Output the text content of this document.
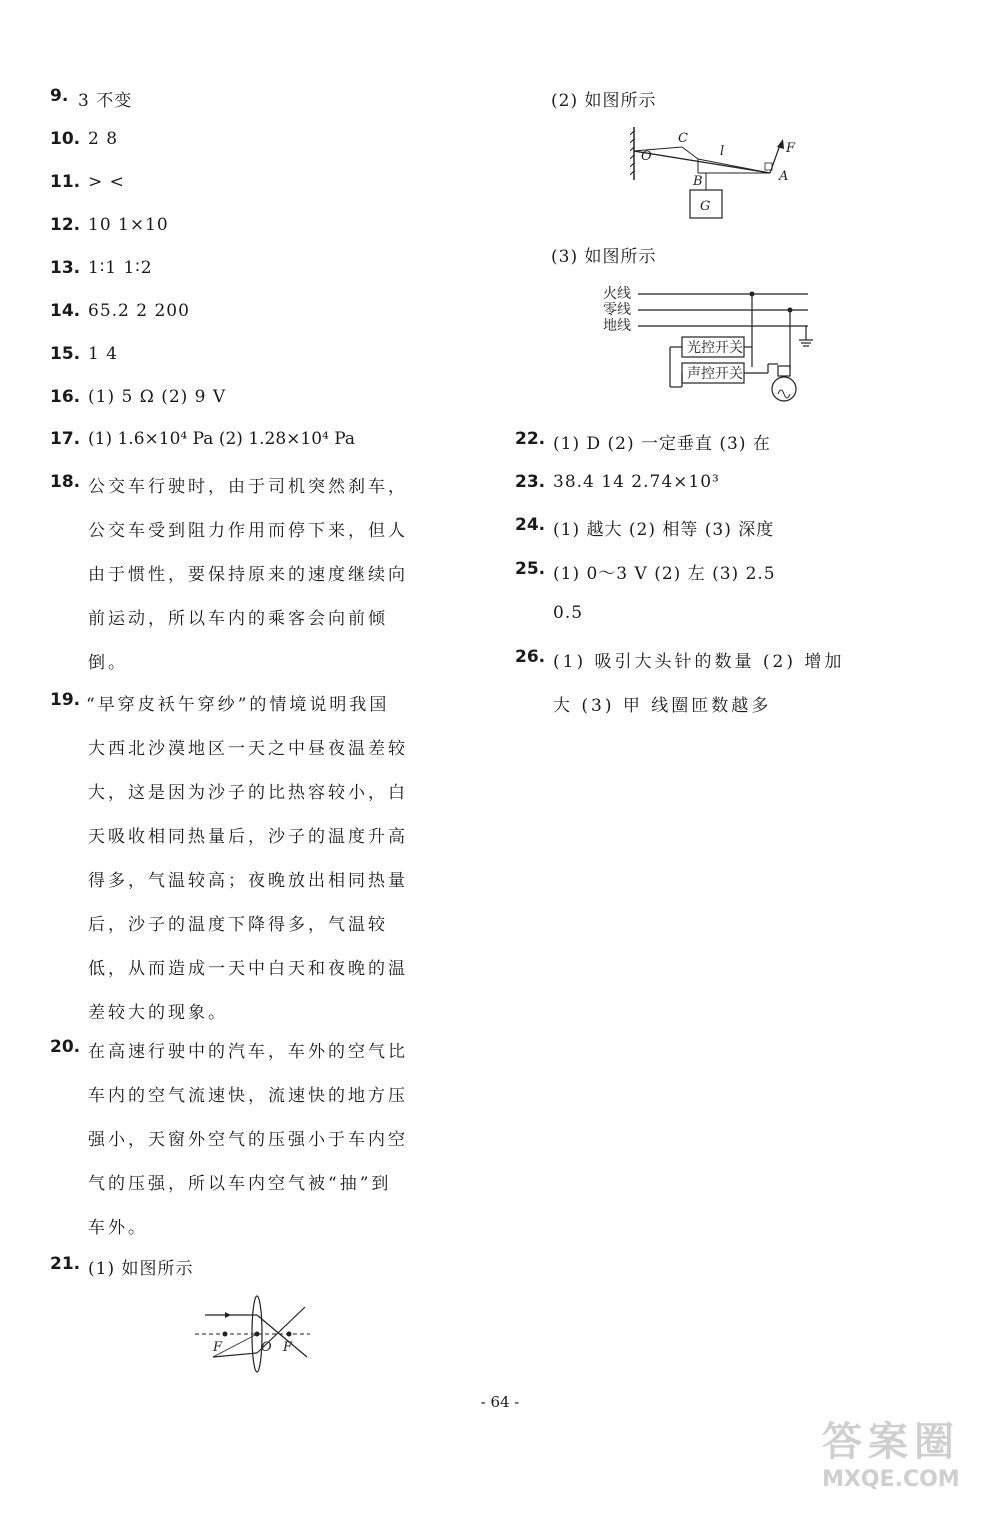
9. 3 不变
10. 2 8
11. > <
12. 10 1×10
13. 1∶1 1∶2
14. 65.2 2 200
15. 1 4
16. (1) 5 Ω (2) 9 V
17. (1) 1.6×10⁴ Pa (2) 1.28×10⁴ Pa
18. 公交车行驶时，由于司机突然刹车，
公交车受到阻力作用而停下来，但人
由于惯性，要保持原来的速度继续向
前运动，所以车内的乘客会向前倾
倒。
19. “早穿皮袄午穿纱”的情境说明我国
大西北沙漠地区一天之中昼夜温差较
大，这是因为沙子的比热容较小，白
天吸收相同热量后，沙子的温度升高
得多，气温较高；夜晚放出相同热量
后，沙子的温度下降得多，气温较
低，从而造成一天中白天和夜晚的温
差较大的现象。
20. 在高速行驶中的汽车，车外的空气比
车内的空气流速快，流速快的地方压
强小，天窗外空气的压强小于车内空
气的压强，所以车内空气被“抽”到
车外。
21. (1) 如图所示
F	O F
(2) 如图所示
C
l	F
O
B	A
G
(3) 如图所示
火线
零线
地线
光控开关
声控开关
22. (1) D (2) 一定垂直 (3) 在
23. 38.4 14 2.74×10³
24. (1) 越大 (2) 相等 (3) 深度
25. (1) 0～3 V (2) 左 (3) 2.5
0.5
26. (1) 吸引大头针的数量 (2) 增加
大 (3) 甲 线圈匝数越多
- 64 -
答案圈
MXQE.COM
